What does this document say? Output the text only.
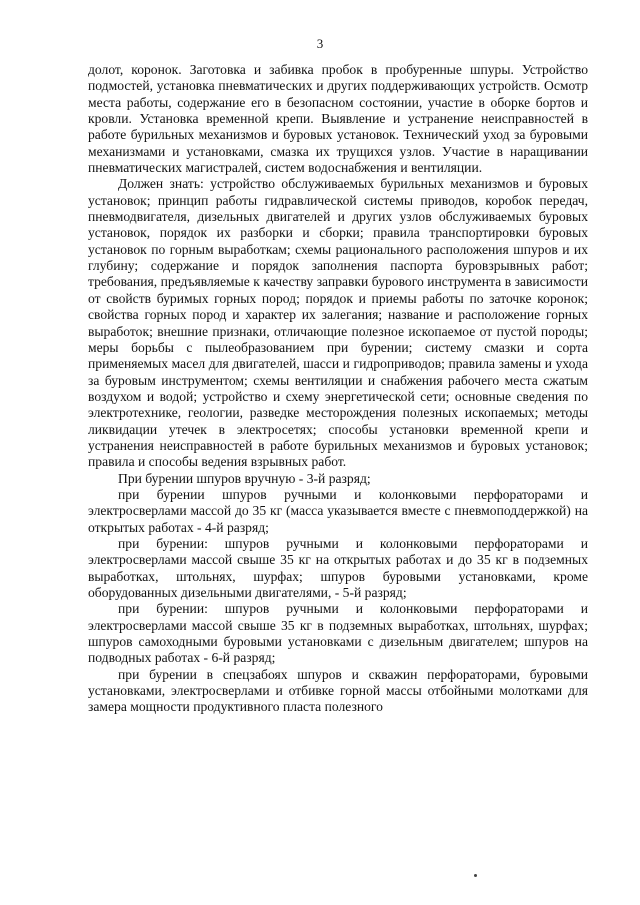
3

долот, коронок. Заготовка и забивка пробок в пробуренные шпуры. Устройство подмостей, установка пневматических и других поддерживающих устройств. Осмотр места работы, содержание его в безопасном состоянии, участие в оборке бортов и кровли. Установка временной крепи. Выявление и устранение неисправностей в работе бурильных механизмов и буровых установок. Технический уход за буровыми механизмами и установками, смазка их трущихся узлов. Участие в наращивании пневматических магистралей, систем водоснабжения и вентиляции.

Должен знать: устройство обслуживаемых бурильных механизмов и буровых установок; принцип работы гидравлической системы приводов, коробок передач, пневмодвигателя, дизельных двигателей и других узлов обслуживаемых буровых установок, порядок их разборки и сборки; правила транспортировки буровых установок по горным выработкам; схемы рационального расположения шпуров и их глубину; содержание и порядок заполнения паспорта буровзрывных работ; требования, предъявляемые к качеству заправки бурового инструмента в зависимости от свойств буримых горных пород; порядок и приемы работы по заточке коронок; свойства горных пород и характер их залегания; название и расположение горных выработок; внешние признаки, отличающие полезное ископаемое от пустой породы; меры борьбы с пылеобразованием при бурении; систему смазки и сорта применяемых масел для двигателей, шасси и гидроприводов; правила замены и ухода за буровым инструментом; схемы вентиляции и снабжения рабочего места сжатым воздухом и водой; устройство и схему энергетической сети; основные сведения по электротехнике, геологии, разведке месторождения полезных ископаемых; методы ликвидации утечек в электросетях; способы установки временной крепи и устранения неисправностей в работе бурильных механизмов и буровых установок; правила и способы ведения взрывных работ.

При бурении шпуров вручную - 3-й разряд;

при бурении шпуров ручными и колонковыми перфораторами и электросверлами массой до 35 кг (масса указывается вместе с пневмоподдержкой) на открытых работах - 4-й разряд;

при бурении: шпуров ручными и колонковыми перфораторами и электросверлами массой свыше 35 кг на открытых работах и до 35 кг в подземных выработках, штольнях, шурфах; шпуров буровыми установками, кроме оборудованных дизельными двигателями, - 5-й разряд;

при бурении: шпуров ручными и колонковыми перфораторами и электросверлами массой свыше 35 кг в подземных выработках, штольнях, шурфах; шпуров самоходными буровыми установками с дизельным двигателем; шпуров на подводных работах - 6-й разряд;

при бурении в спецзабоях шпуров и скважин перфораторами, буровыми установками, электросверлами и отбивке горной массы отбойными молотками для замера мощности продуктивного пласта полезного
